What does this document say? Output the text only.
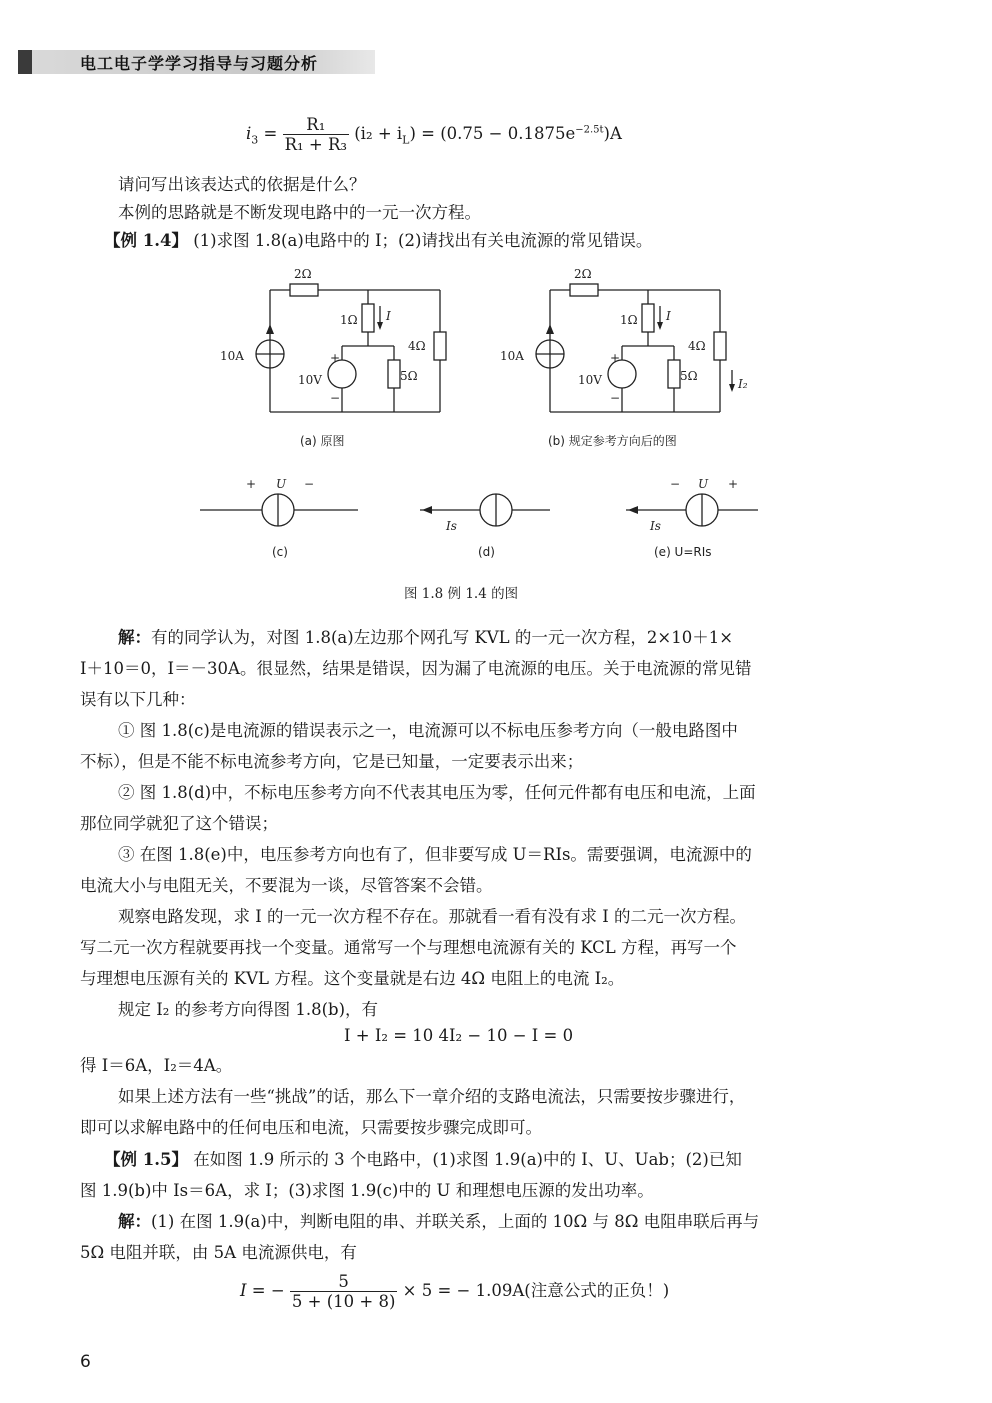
电工电子学学习指导与习题分析
$i_3 = \frac{\text{R₁}}{\text{R₁ + R₃}} (i_2 + i_L) = (0.75 - 0.1875e^{-2.5t})A$
请问写出该表达式的依据是什么？
本例的思路就是不断发现电路中的一元一次方程。
【例 1.4】 (1)求图 1.8(a)电路中的 I；(2)请找出有关电流源的常见错误。
2Ω
1Ω I
4Ω
5Ω
10A
10V
+
−
2Ω
1Ω I
4Ω
5Ω
10A
10V
+
−
I₂
+ U −
Is
− U +
Is
(a) 原图	(b) 规定参考方向后的图
(c)	(d)	(e) U=RIs
图 1.8 例 1.4 的图
解：有的同学认为，对图 1.8(a)左边那个网孔写 KVL 的一元一次方程，2×10＋1×
I＋10＝0，I＝－30A。很显然，结果是错误，因为漏了电流源的电压。关于电流源的常见错
误有以下几种：
① 图 1.8(c)是电流源的错误表示之一，电流源可以不标电压参考方向（一般电路图中
不标），但是不能不标电流参考方向，它是已知量，一定要表示出来；
② 图 1.8(d)中，不标电压参考方向不代表其电压为零，任何元件都有电压和电流，上面
那位同学就犯了这个错误；
③ 在图 1.8(e)中，电压参考方向也有了，但非要写成 U＝RIs。需要强调，电流源中的
电流大小与电阻无关，不要混为一谈，尽管答案不会错。
观察电路发现，求 I 的一元一次方程不存在。那就看一看有没有求 I 的二元一次方程。
写二元一次方程就要再找一个变量。通常写一个与理想电流源有关的 KCL 方程，再写一个
与理想电压源有关的 KVL 方程。这个变量就是右边 4Ω 电阻上的电流 I₂。
规定 I₂ 的参考方向得图 1.8(b)，有
I + I₂ = 10 4I₂ − 10 − I = 0
得 I＝6A，I₂＝4A。
如果上述方法有一些“挑战”的话，那么下一章介绍的支路电流法，只需要按步骤进行，
即可以求解电路中的任何电压和电流，只需要按步骤完成即可。
【例 1.5】 在如图 1.9 所示的 3 个电路中，(1)求图 1.9(a)中的 I、U、Uab；(2)已知
图 1.9(b)中 Is＝6A，求 I；(3)求图 1.9(c)中的 U 和理想电压源的发出功率。
解：(1) 在图 1.9(a)中，判断电阻的串、并联关系，上面的 10Ω 与 8Ω 电阻串联后再与
5Ω 电阻并联，由 5A 电流源供电，有
I = − $\frac{5}{5 + (10 + 8)} \times 5$ = − 1.09A(注意公式的正负！)
6
